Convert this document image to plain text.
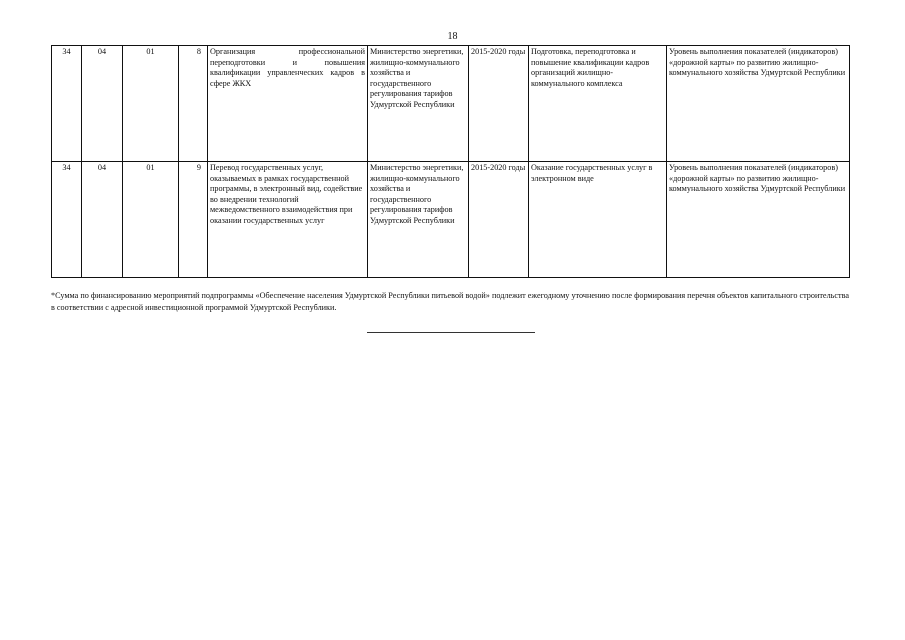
18
34	04	01	8	Организация профессиональной переподготовки и повышения квалификации управленческих кадров в сфере ЖКХ	Министерство энергетики, жилищно-коммунального хозяйства и государственного регулирования тарифов Удмуртской Республики	2015-2020 годы	Подготовка, переподготовка и повышение квалификации кадров организаций жилищно-коммунального комплекса	Уровень выполнения показателей (индикаторов) «дорожной карты» по развитию жилищно-коммунального хозяйства Удмуртской Республики
34	04	01	9	Перевод государственных услуг, оказываемых в рамках государственной программы, в электронный вид, содействие во внедрении технологий межведомственного взаимодействия при оказании государственных услуг	Министерство энергетики, жилищно-коммунального хозяйства и государственного регулирования тарифов Удмуртской Республики	2015-2020 годы	Оказание государственных услуг в электронном виде	Уровень выполнения показателей (индикаторов) «дорожной карты» по развитию жилищно-коммунального хозяйства Удмуртской Республики
*Сумма по финансированию мероприятий подпрограммы «Обеспечение населения Удмуртской Республики питьевой водой» подлежит ежегодному уточнению после формирования перечня объектов капитального строительства в соответствии с адресной инвестиционной программой Удмуртской Республики.
